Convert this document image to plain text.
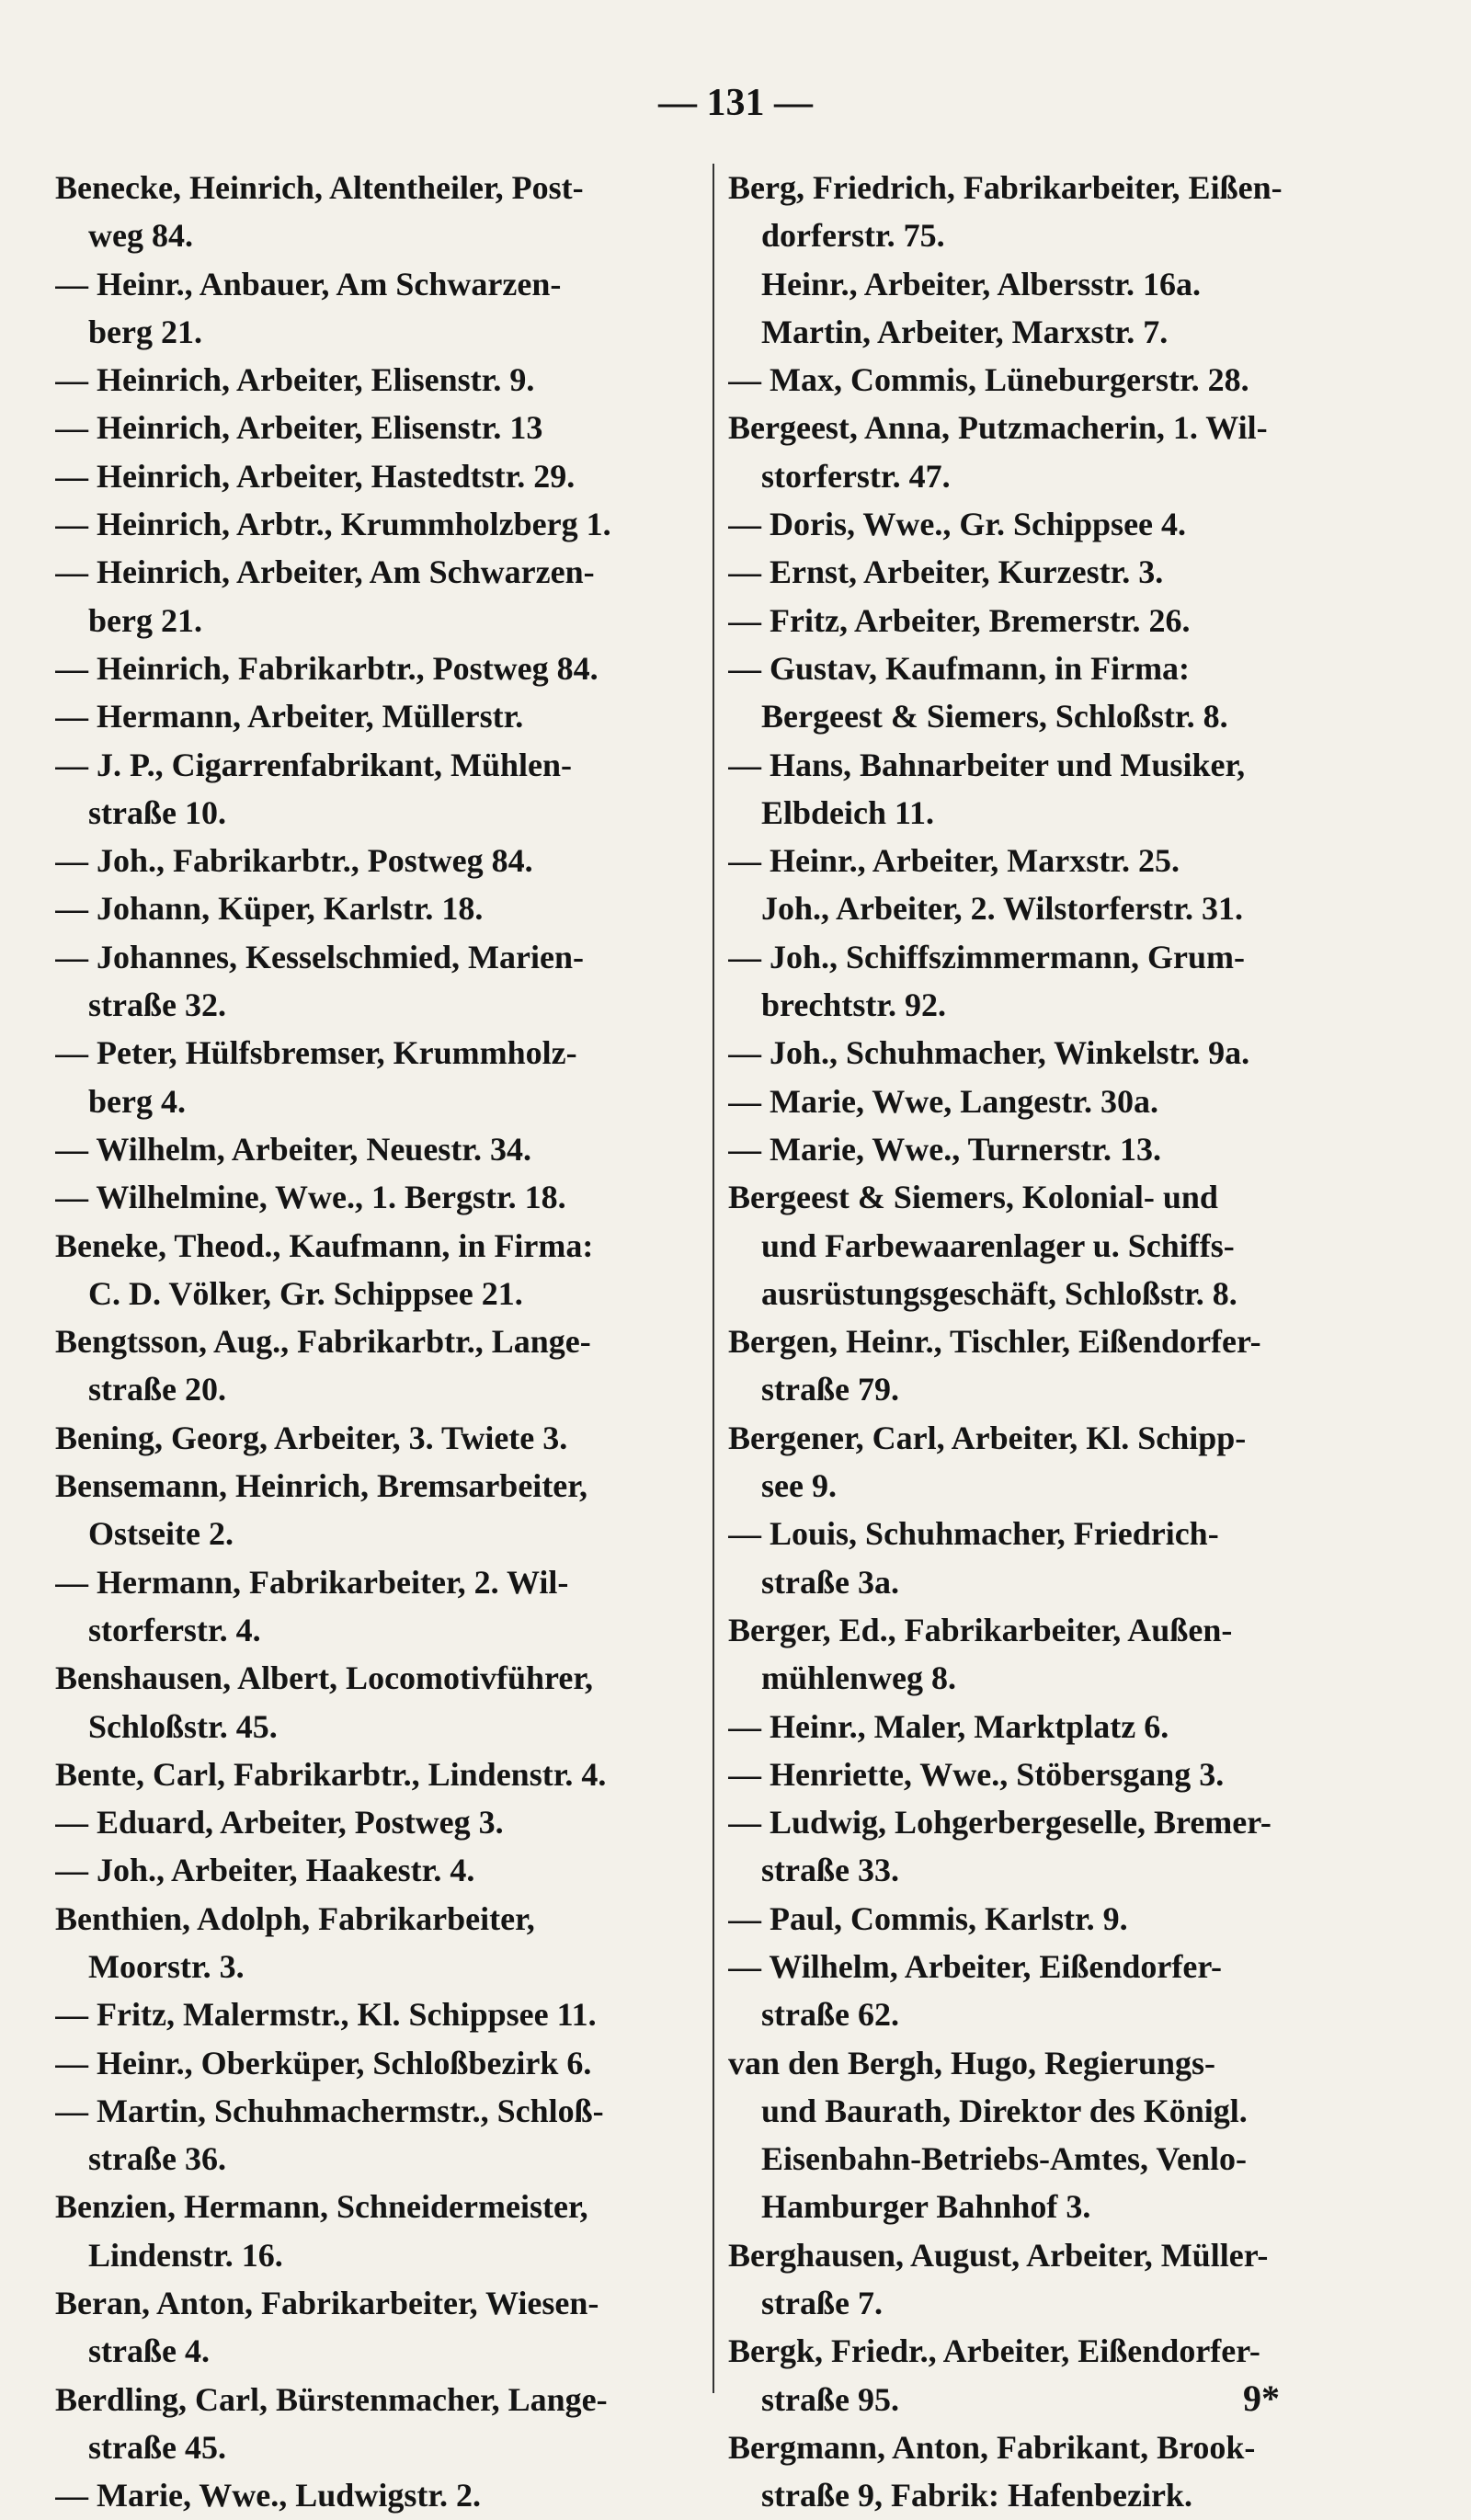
— 131 —
Benecke, Heinrich, Altentheiler, Post-
weg 84.
— Heinr., Anbauer, Am Schwarzen-
berg 21.
— Heinrich, Arbeiter, Elisenstr. 9.
— Heinrich, Arbeiter, Elisenstr. 13
— Heinrich, Arbeiter, Hastedtstr. 29.
— Heinrich, Arbtr., Krummholzberg 1.
— Heinrich, Arbeiter, Am Schwarzen-
berg 21.
— Heinrich, Fabrikarbtr., Postweg 84.
— Hermann, Arbeiter, Müllerstr.
— J. P., Cigarrenfabrikant, Mühlen-
straße 10.
— Joh., Fabrikarbtr., Postweg 84.
— Johann, Küper, Karlstr. 18.
— Johannes, Kesselschmied, Marien-
straße 32.
— Peter, Hülfsbremser, Krummholz-
berg 4.
— Wilhelm, Arbeiter, Neuestr. 34.
— Wilhelmine, Wwe., 1. Bergstr. 18.
Beneke, Theod., Kaufmann, in Firma:
C. D. Völker, Gr. Schippsee 21.
Bengtsson, Aug., Fabrikarbtr., Lange-
straße 20.
Bening, Georg, Arbeiter, 3. Twiete 3.
Bensemann, Heinrich, Bremsarbeiter,
Ostseite 2.
— Hermann, Fabrikarbeiter, 2. Wil-
storferstr. 4.
Benshausen, Albert, Locomotivführer,
Schloßstr. 45.
Bente, Carl, Fabrikarbtr., Lindenstr. 4.
— Eduard, Arbeiter, Postweg 3.
— Joh., Arbeiter, Haakestr. 4.
Benthien, Adolph, Fabrikarbeiter,
Moorstr. 3.
— Fritz, Malermstr., Kl. Schippsee 11.
— Heinr., Oberküper, Schloßbezirk 6.
— Martin, Schuhmachermstr., Schloß-
straße 36.
Benzien, Hermann, Schneidermeister,
Lindenstr. 16.
Beran, Anton, Fabrikarbeiter, Wiesen-
straße 4.
Berdling, Carl, Bürstenmacher, Lange-
straße 45.
— Marie, Wwe., Ludwigstr. 2.
Berg, Friedrich, Fabrikarbeiter, Eißen-
dorferstr. 75.
Heinr., Arbeiter, Albersstr. 16a.
Martin, Arbeiter, Marxstr. 7.
— Max, Commis, Lüneburgerstr. 28.
Bergeest, Anna, Putzmacherin, 1. Wil-
storferstr. 47.
— Doris, Wwe., Gr. Schippsee 4.
— Ernst, Arbeiter, Kurzestr. 3.
— Fritz, Arbeiter, Bremerstr. 26.
— Gustav, Kaufmann, in Firma:
Bergeest & Siemers, Schloßstr. 8.
— Hans, Bahnarbeiter und Musiker,
Elbdeich 11.
— Heinr., Arbeiter, Marxstr. 25.
Joh., Arbeiter, 2. Wilstorferstr. 31.
— Joh., Schiffszimmermann, Grum-
brechtstr. 92.
— Joh., Schuhmacher, Winkelstr. 9a.
— Marie, Wwe, Langestr. 30a.
— Marie, Wwe., Turnerstr. 13.
Bergeest & Siemers, Kolonial- und
und Farbewaarenlager u. Schiffs-
ausrüstungsgeschäft, Schloßstr. 8.
Bergen, Heinr., Tischler, Eißendorfer-
straße 79.
Bergener, Carl, Arbeiter, Kl. Schipp-
see 9.
— Louis, Schuhmacher, Friedrich-
straße 3a.
Berger, Ed., Fabrikarbeiter, Außen-
mühlenweg 8.
— Heinr., Maler, Marktplatz 6.
— Henriette, Wwe., Stöbersgang 3.
— Ludwig, Lohgerbergeselle, Bremer-
straße 33.
— Paul, Commis, Karlstr. 9.
— Wilhelm, Arbeiter, Eißendorfer-
straße 62.
van den Bergh, Hugo, Regierungs-
und Baurath, Direktor des Königl.
Eisenbahn-Betriebs-Amtes, Venlo-
Hamburger Bahnhof 3.
Berghausen, August, Arbeiter, Müller-
straße 7.
Bergk, Friedr., Arbeiter, Eißendorfer-
straße 95.
Bergmann, Anton, Fabrikant, Brook-
straße 9, Fabrik: Hafenbezirk.
9*
